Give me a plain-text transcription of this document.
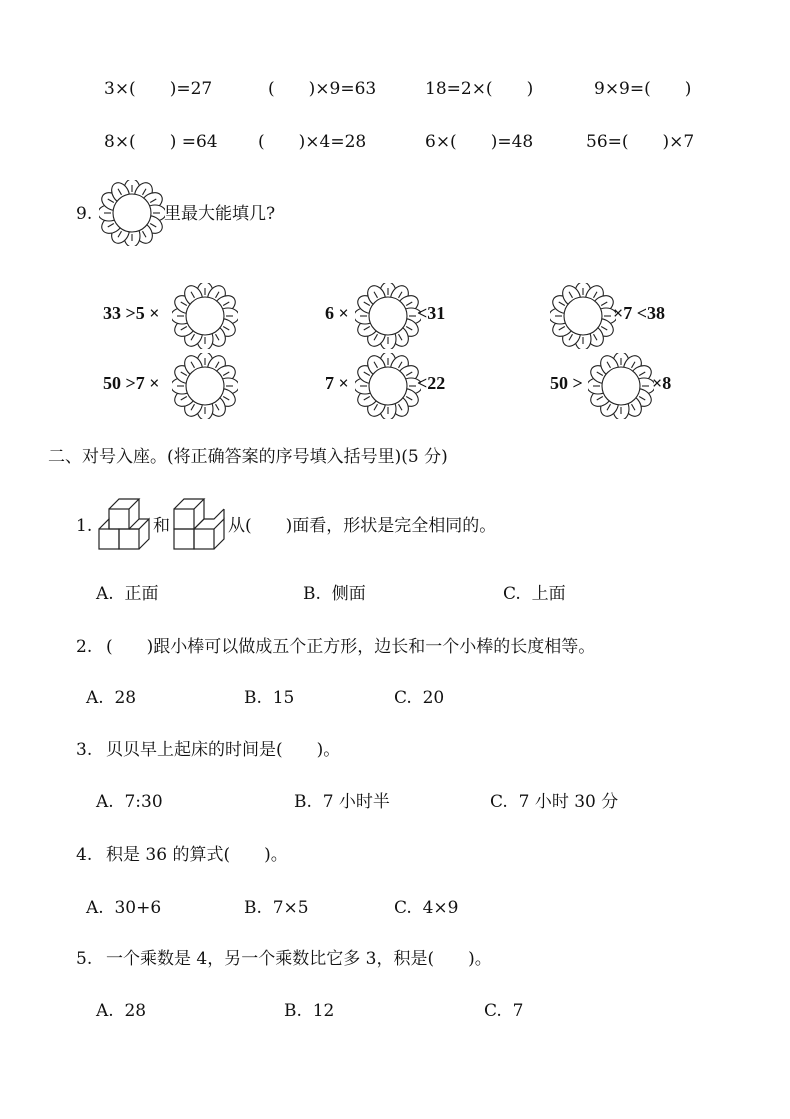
3×(　　)=27	(　　)×9=63	18=2×(　　)	9×9=(　　)
8×(　　) =64 (　　)×4=28	6×(　　)=48	56=(　　)×7
9.	里最大能填几?
33 >5 ×	6 ×	<31	×7 <38
50 >7 ×	7 ×	<22	50 >	×8
二、对号入座。(将正确答案的序号填入括号里)(5 分)
1.	和	从(　　)面看，形状是完全相同的。
A.  正面	B.  侧面	C.  上面
2. (　　)跟小棒可以做成五个正方形，边长和一个小棒的长度相等。
A.  28	B.  15	C.  20
3. 贝贝早上起床的时间是(　　)。
A.  7:30	B.  7 小时半	C.  7 小时 30 分
4. 积是 36 的算式(　　)。
A.  30+6	B.  7×5	C.  4×9
5. 一个乘数是 4，另一个乘数比它多 3，积是(　　)。
A.  28	B.  12	C.  7
